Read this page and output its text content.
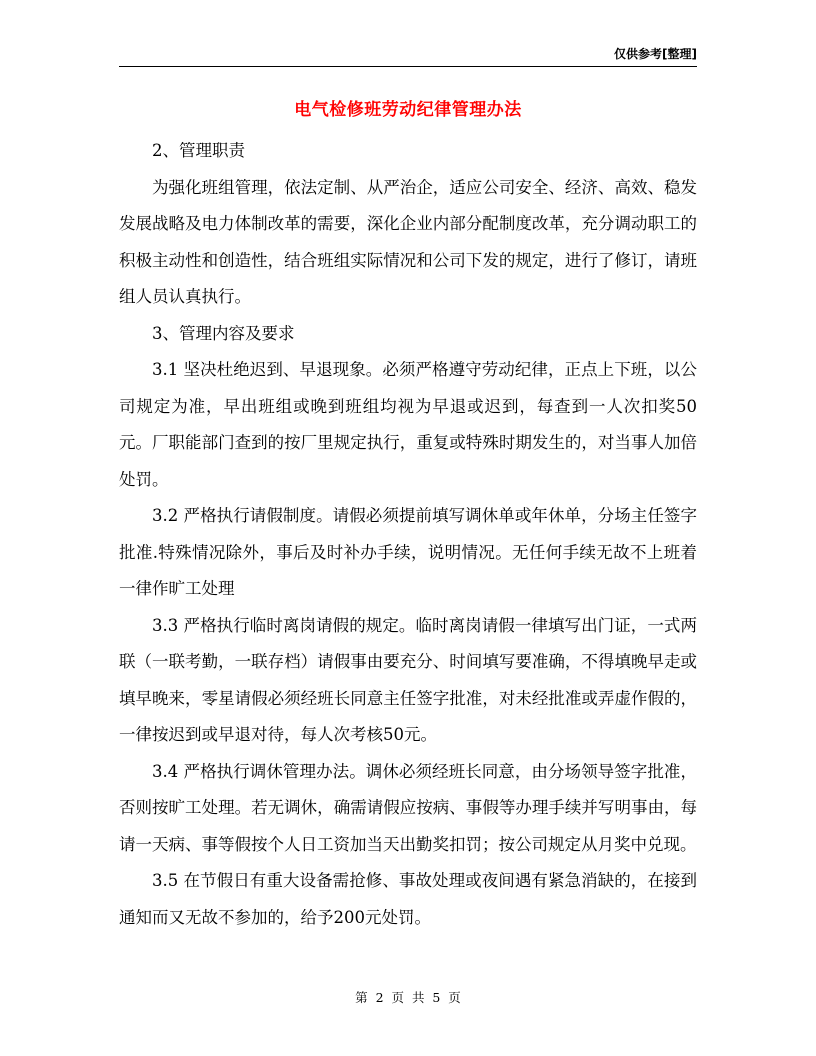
仅供参考[整理]
电气检修班劳动纪律管理办法

2、管理职责

为强化班组管理，依法定制、从严治企，适应公司安全、经济、高效、稳发发展战略及电力体制改革的需要，深化企业内部分配制度改革，充分调动职工的积极主动性和创造性，结合班组实际情况和公司下发的规定，进行了修订，请班组人员认真执行。

3、管理内容及要求

3.1 坚决杜绝迟到、早退现象。必须严格遵守劳动纪律，正点上下班，以公司规定为准，早出班组或晚到班组均视为早退或迟到，每查到一人次扣奖50元。厂职能部门查到的按厂里规定执行，重复或特殊时期发生的，对当事人加倍处罚。

3.2 严格执行请假制度。请假必须提前填写调休单或年休单，分场主任签字批准.特殊情况除外，事后及时补办手续，说明情况。无任何手续无故不上班着一律作旷工处理

3.3 严格执行临时离岗请假的规定。临时离岗请假一律填写出门证，一式两联（一联考勤，一联存档）请假事由要充分、时间填写要准确，不得填晚早走或填早晚来，零星请假必须经班长同意主任签字批准，对未经批准或弄虚作假的，一律按迟到或早退对待，每人次考核50元。

3.4 严格执行调休管理办法。调休必须经班长同意，由分场领导签字批准，否则按旷工处理。若无调休，确需请假应按病、事假等办理手续并写明事由，每请一天病、事等假按个人日工资加当天出勤奖扣罚；按公司规定从月奖中兑现。

3.5 在节假日有重大设备需抢修、事故处理或夜间遇有紧急消缺的，在接到通知而又无故不参加的，给予200元处罚。

第  2  页  共  5  页
